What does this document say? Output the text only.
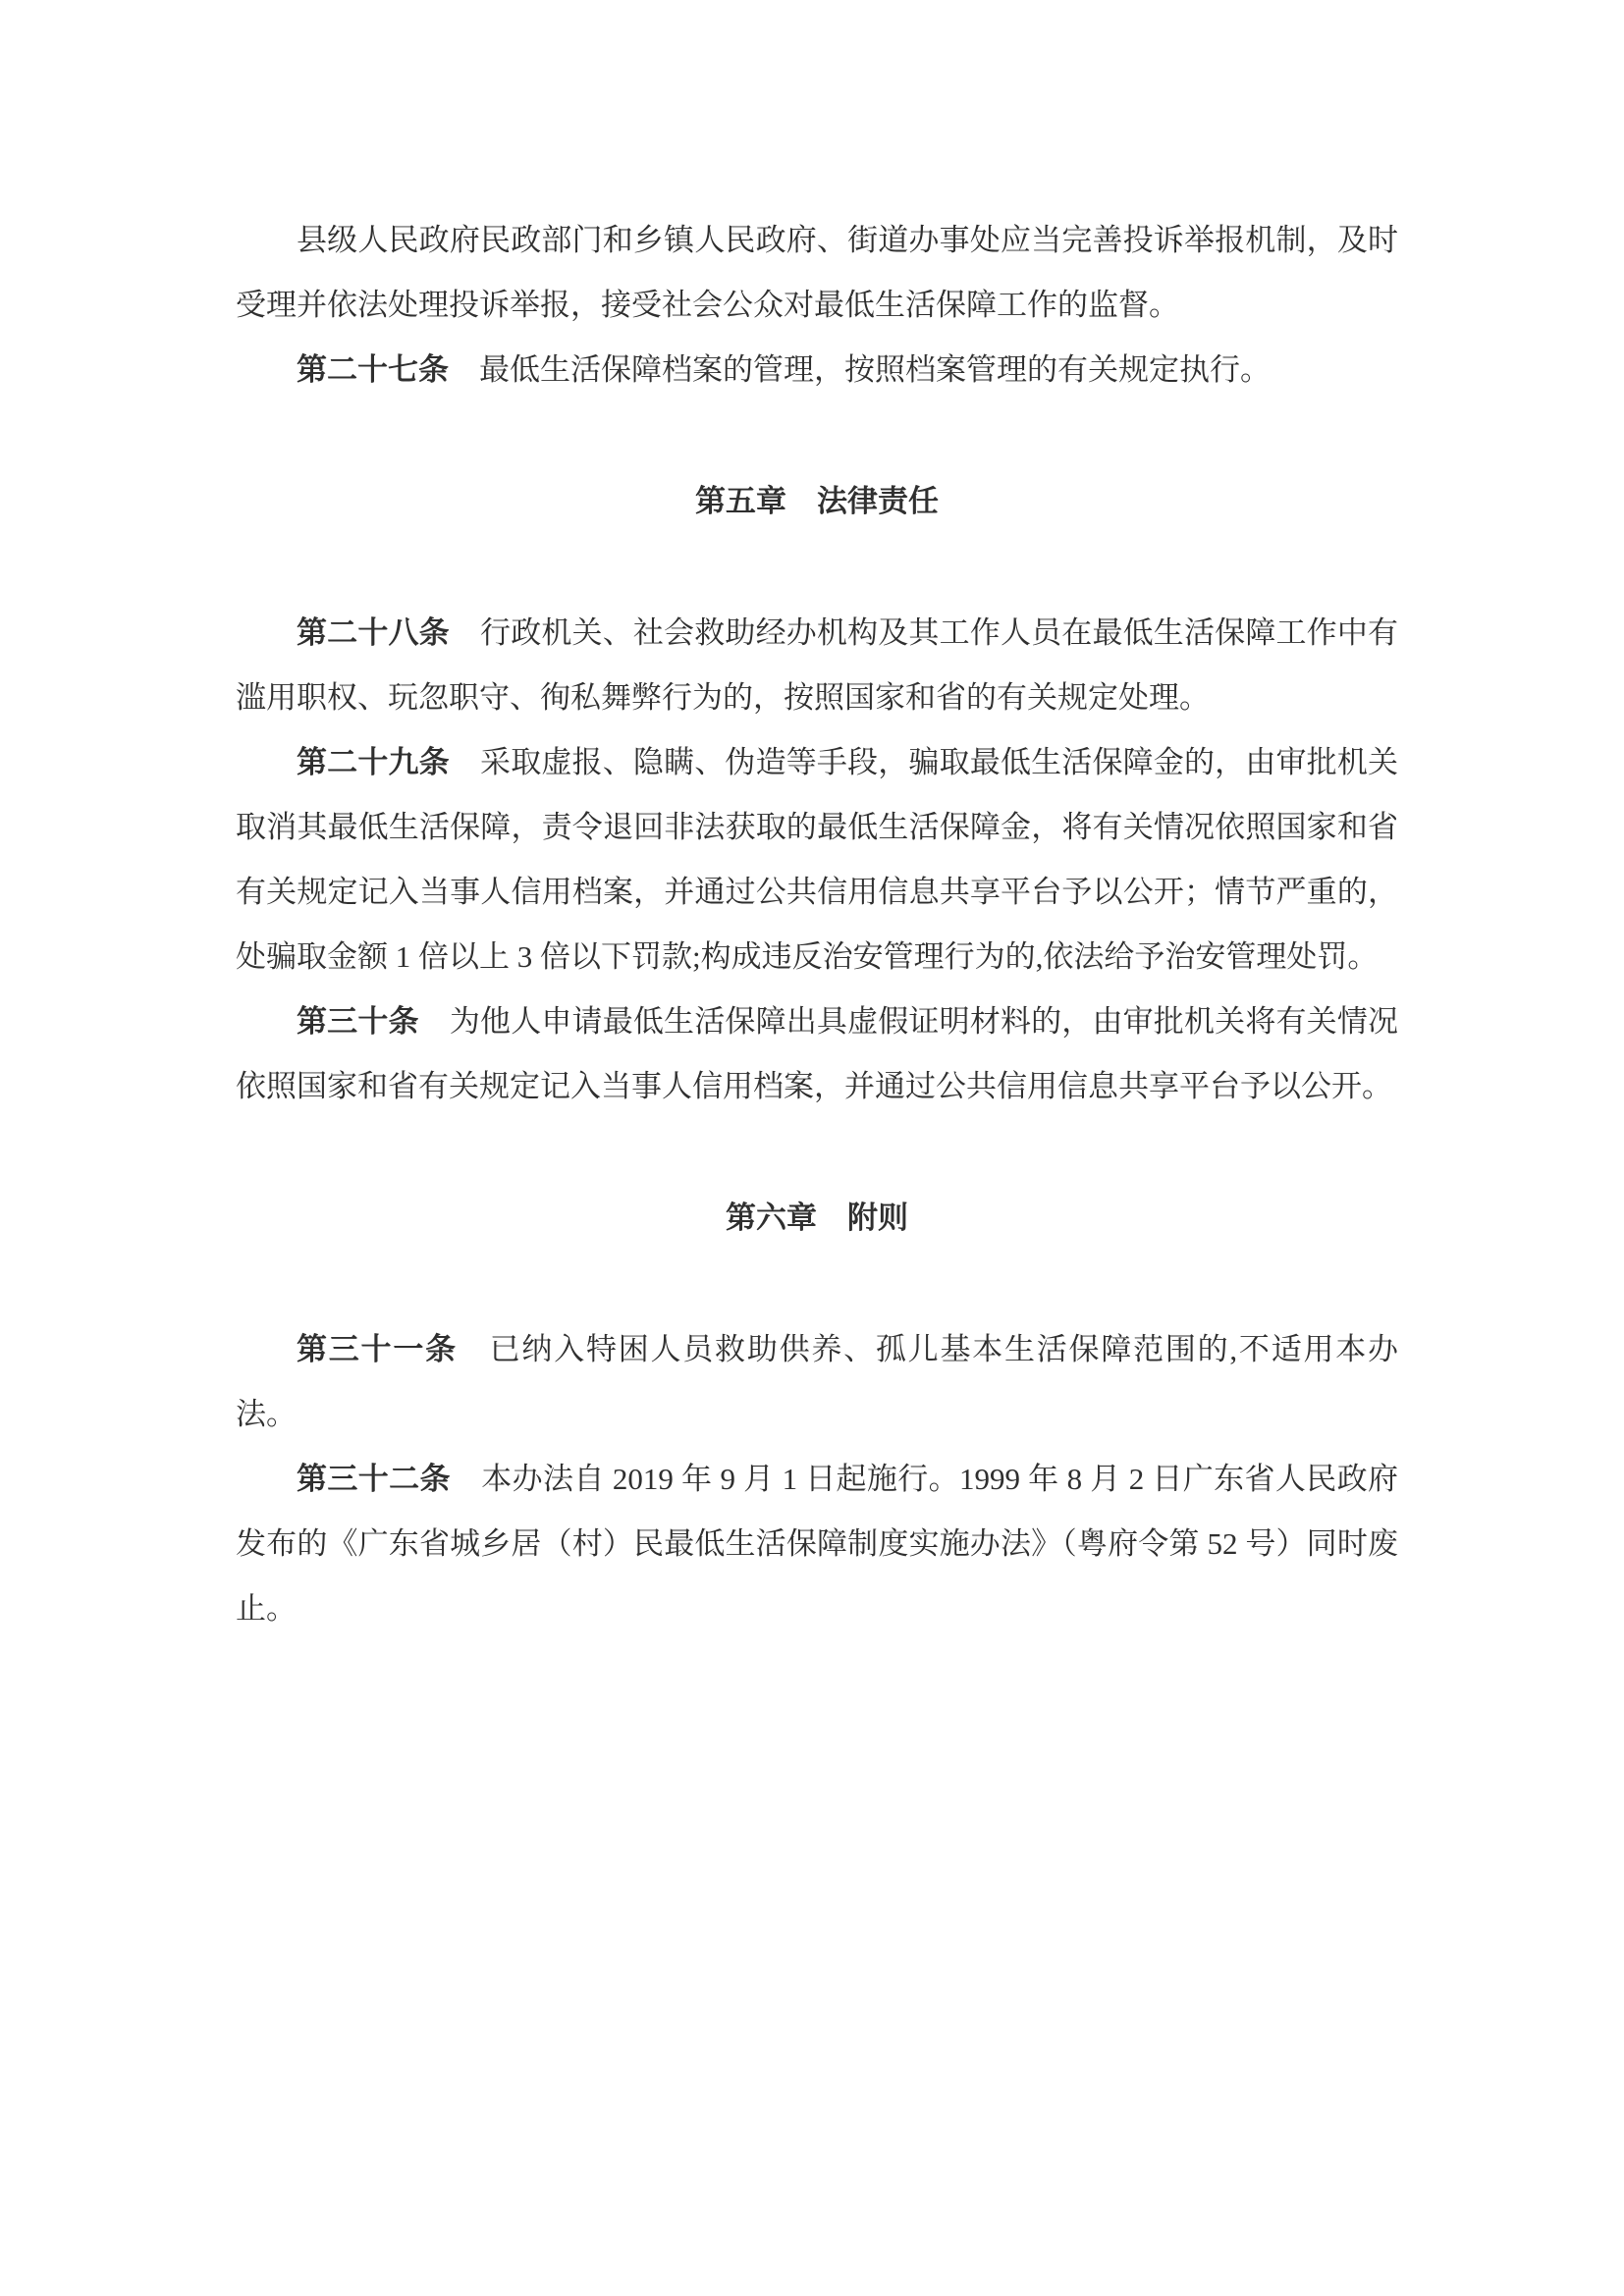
县级人民政府民政部门和乡镇人民政府、街道办事处应当完善投诉举报机制，及时受理并依法处理投诉举报，接受社会公众对最低生活保障工作的监督。

第二十七条　最低生活保障档案的管理，按照档案管理的有关规定执行。

第五章　法律责任

第二十八条　行政机关、社会救助经办机构及其工作人员在最低生活保障工作中有滥用职权、玩忽职守、徇私舞弊行为的，按照国家和省的有关规定处理。

第二十九条　采取虚报、隐瞒、伪造等手段，骗取最低生活保障金的，由审批机关取消其最低生活保障，责令退回非法获取的最低生活保障金，将有关情况依照国家和省有关规定记入当事人信用档案，并通过公共信用信息共享平台予以公开；情节严重的，处骗取金额 1 倍以上 3 倍以下罚款;构成违反治安管理行为的,依法给予治安管理处罚。

第三十条　为他人申请最低生活保障出具虚假证明材料的，由审批机关将有关情况依照国家和省有关规定记入当事人信用档案，并通过公共信用信息共享平台予以公开。

第六章　附则

第三十一条　已纳入特困人员救助供养、孤儿基本生活保障范围的,不适用本办法。

第三十二条　本办法自 2019 年 9 月 1 日起施行。1999 年 8 月 2 日广东省人民政府发布的《广东省城乡居（村）民最低生活保障制度实施办法》（粤府令第 52 号）同时废止。
